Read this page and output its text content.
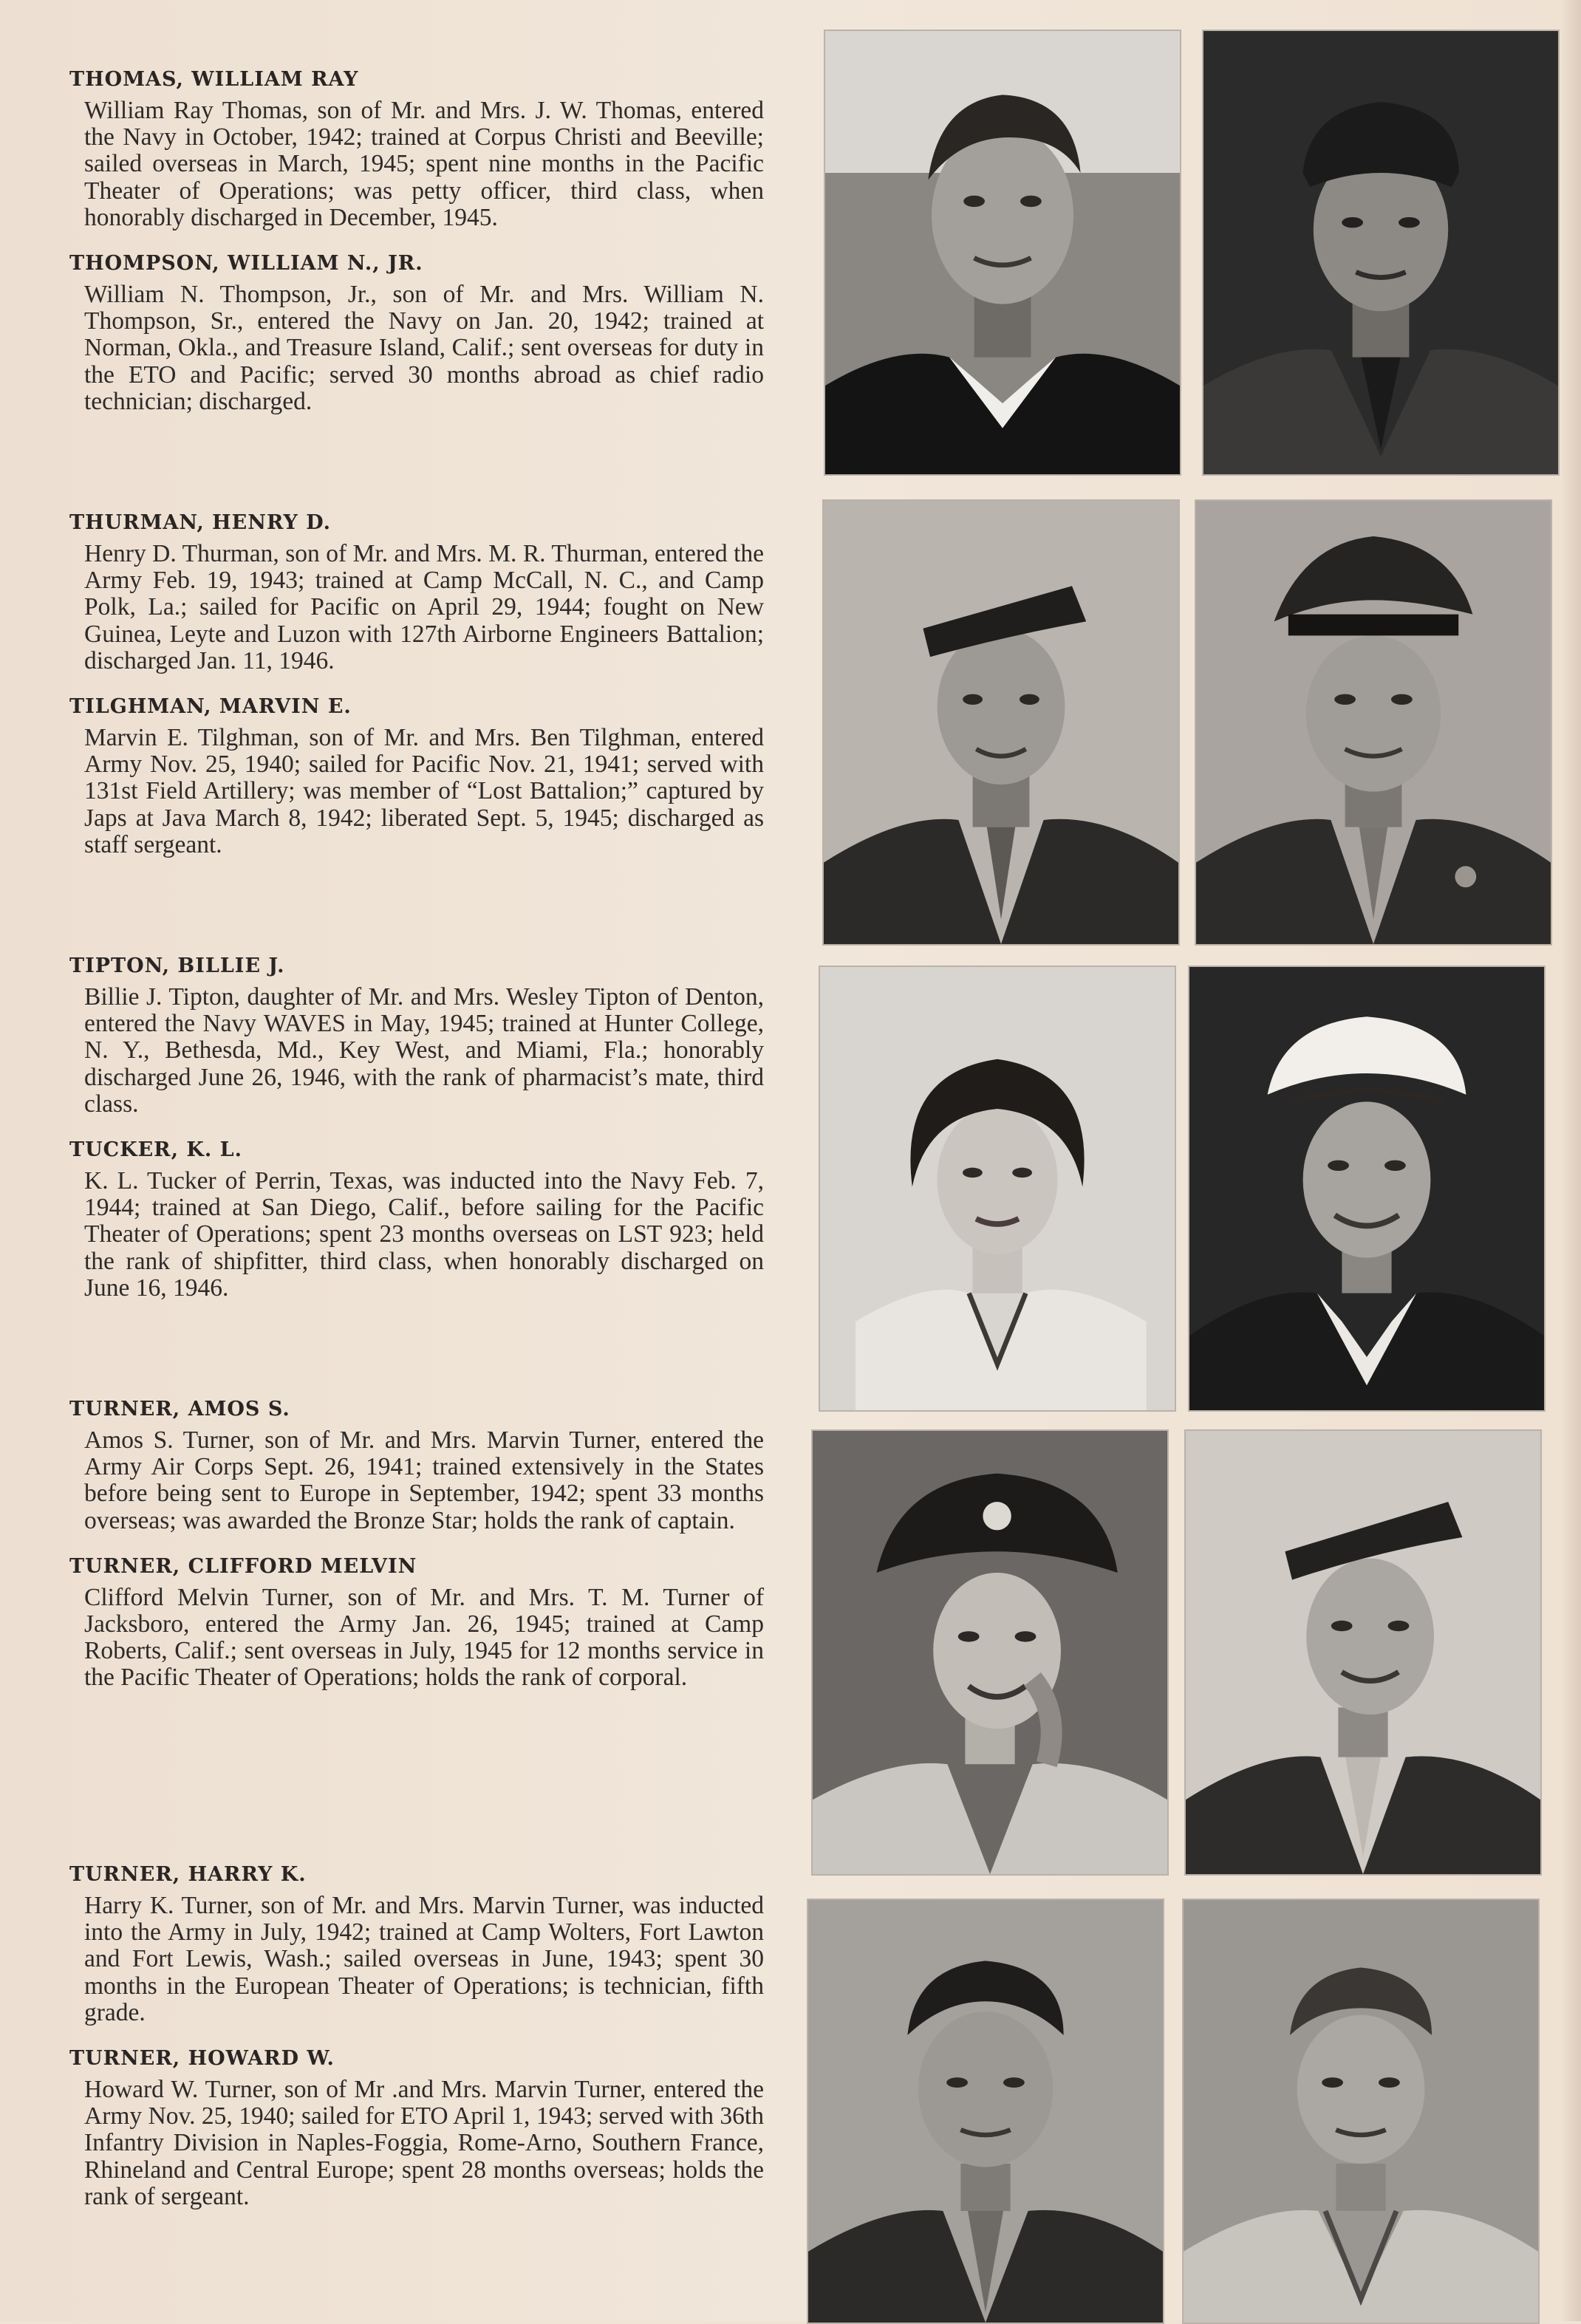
THOMAS, WILLIAM RAY
William Ray Thomas, son of Mr. and Mrs. J. W. Thomas, entered the Navy in October, 1942; trained at Corpus Christi and Beeville; sailed overseas in March, 1945; spent nine months in the Pacific Theater of Operations; was petty officer, third class, when honorably discharged in December, 1945.
THOMPSON, WILLIAM N., JR.
William N. Thompson, Jr., son of Mr. and Mrs. William N. Thompson, Sr., entered the Navy on Jan. 20, 1942; trained at Norman, Okla., and Treasure Island, Calif.; sent overseas for duty in the ETO and Pacific; served 30 months abroad as chief radio technician; discharged.
THURMAN, HENRY D.
Henry D. Thurman, son of Mr. and Mrs. M. R. Thurman, entered the Army Feb. 19, 1943; trained at Camp McCall, N. C., and Camp Polk, La.; sailed for Pacific on April 29, 1944; fought on New Guinea, Leyte and Luzon with 127th Airborne Engineers Battalion; discharged Jan. 11, 1946.
TILGHMAN, MARVIN E.
Marvin E. Tilghman, son of Mr. and Mrs. Ben Tilghman, entered Army Nov. 25, 1940; sailed for Pacific Nov. 21, 1941; served with 131st Field Artillery; was member of “Lost Battalion;” captured by Japs at Java March 8, 1942; liberated Sept. 5, 1945; discharged as staff sergeant.
TIPTON, BILLIE J.
Billie J. Tipton, daughter of Mr. and Mrs. Wesley Tipton of Denton, entered the Navy WAVES in May, 1945; trained at Hunter College, N. Y., Bethesda, Md., Key West, and Miami, Fla.; honorably discharged June 26, 1946, with the rank of pharmacist’s mate, third class.
TUCKER, K. L.
K. L. Tucker of Perrin, Texas, was inducted into the Navy Feb. 7, 1944; trained at San Diego, Calif., before sailing for the Pacific Theater of Operations; spent 23 months overseas on LST 923; held the rank of shipfitter, third class, when honorably discharged on June 16, 1946.
TURNER, AMOS S.
Amos S. Turner, son of Mr. and Mrs. Marvin Turner, entered the Army Air Corps Sept. 26, 1941; trained extensively in the States before being sent to Europe in September, 1942; spent 33 months overseas; was awarded the Bronze Star; holds the rank of captain.
TURNER, CLIFFORD MELVIN
Clifford Melvin Turner, son of Mr. and Mrs. T. M. Turner of Jacksboro, entered the Army Jan. 26, 1945; trained at Camp Roberts, Calif.; sent overseas in July, 1945 for 12 months service in the Pacific Theater of Operations; holds the rank of corporal.
TURNER, HARRY K.
Harry K. Turner, son of Mr. and Mrs. Marvin Turner, was inducted into the Army in July, 1942; trained at Camp Wolters, Fort Lawton and Fort Lewis, Wash.; sailed overseas in June, 1943; spent 30 months in the European Theater of Operations; is technician, fifth grade.
TURNER, HOWARD W.
Howard W. Turner, son of Mr .and Mrs. Marvin Turner, entered the Army Nov. 25, 1940; sailed for ETO April 1, 1943; served with 36th Infantry Division in Naples-Foggia, Rome-Arno, Southern France, Rhineland and Central Europe; spent 28 months overseas; holds the rank of sergeant.
